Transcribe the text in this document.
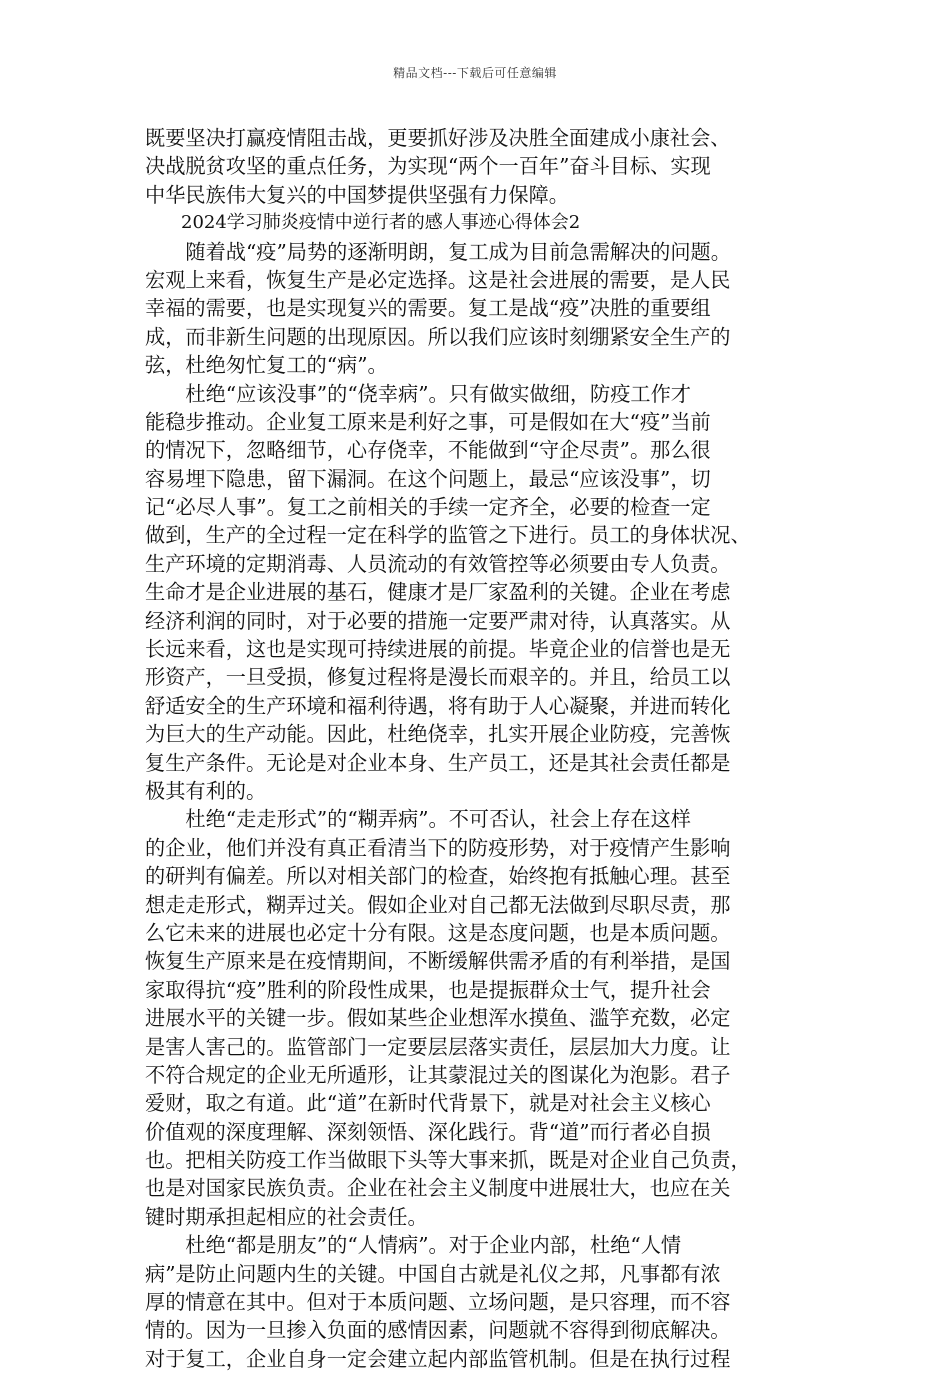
精品文档---下载后可任意编辑
既要坚决打赢疫情阻击战，更要抓好涉及决胜全面建成小康社会、
决战脱贫攻坚的重点任务，为实现“两个一百年”奋斗目标、实现
中华民族伟大复兴的中国梦提供坚强有力保障。
　　2024学习肺炎疫情中逆行者的感人事迹心得体会2
　　随着战“疫”局势的逐渐明朗，复工成为目前急需解决的问题。
宏观上来看，恢复生产是必定选择。这是社会进展的需要，是人民
幸福的需要，也是实现复兴的需要。复工是战“疫”决胜的重要组
成，而非新生问题的出现原因。所以我们应该时刻绷紧安全生产的
弦，杜绝匆忙复工的“病”。
　　杜绝“应该没事”的“侥幸病”。只有做实做细，防疫工作才
能稳步推动。企业复工原来是利好之事，可是假如在大“疫”当前
的情况下，忽略细节，心存侥幸，不能做到“守企尽责”。那么很
容易埋下隐患，留下漏洞。在这个问题上，最忌“应该没事”，切
记“必尽人事”。复工之前相关的手续一定齐全，必要的检查一定
做到，生产的全过程一定在科学的监管之下进行。员工的身体状况、
生产环境的定期消毒、人员流动的有效管控等必须要由专人负责。
生命才是企业进展的基石，健康才是厂家盈利的关键。企业在考虑
经济利润的同时，对于必要的措施一定要严肃对待，认真落实。从
长远来看，这也是实现可持续进展的前提。毕竟企业的信誉也是无
形资产，一旦受损，修复过程将是漫长而艰辛的。并且，给员工以
舒适安全的生产环境和福利待遇，将有助于人心凝聚，并进而转化
为巨大的生产动能。因此，杜绝侥幸，扎实开展企业防疫，完善恢
复生产条件。无论是对企业本身、生产员工，还是其社会责任都是
极其有利的。
　　杜绝“走走形式”的“糊弄病”。不可否认，社会上存在这样
的企业，他们并没有真正看清当下的防疫形势，对于疫情产生影响
的研判有偏差。所以对相关部门的检查，始终抱有抵触心理。甚至
想走走形式，糊弄过关。假如企业对自己都无法做到尽职尽责，那
么它未来的进展也必定十分有限。这是态度问题，也是本质问题。
恢复生产原来是在疫情期间，不断缓解供需矛盾的有利举措，是国
家取得抗“疫”胜利的阶段性成果，也是提振群众士气，提升社会
进展水平的关键一步。假如某些企业想浑水摸鱼、滥竽充数，必定
是害人害己的。监管部门一定要层层落实责任，层层加大力度。让
不符合规定的企业无所遁形，让其蒙混过关的图谋化为泡影。君子
爱财，取之有道。此“道”在新时代背景下，就是对社会主义核心
价值观的深度理解、深刻领悟、深化践行。背“道”而行者必自损
也。把相关防疫工作当做眼下头等大事来抓，既是对企业自己负责，
也是对国家民族负责。企业在社会主义制度中进展壮大，也应在关
键时期承担起相应的社会责任。
　　杜绝“都是朋友”的“人情病”。对于企业内部，杜绝“人情
病”是防止问题内生的关键。中国自古就是礼仪之邦，凡事都有浓
厚的情意在其中。但对于本质问题、立场问题，是只容理，而不容
情的。因为一旦掺入负面的感情因素，问题就不容得到彻底解决。
对于复工，企业自身一定会建立起内部监管机制。但是在执行过程
